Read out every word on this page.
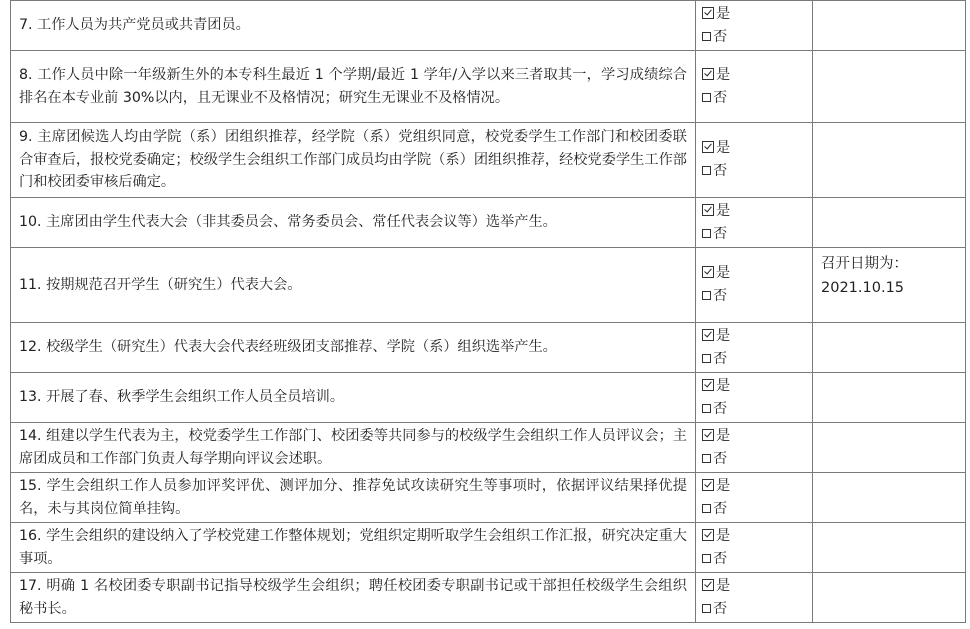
7. 工作人员为共产党员或共青团员。	是
否	

8. 工作人员中除一年级新生外的本专科生最近 1 个学期/最近 1 学年/入学以来三者取其一，学习成绩综合排名在本专业前 30%以内，且无课业不及格情况；研究生无课业不及格情况。	是
否	

9. 主席团候选人均由学院（系）团组织推荐，经学院（系）党组织同意，校党委学生工作部门和校团委联合审查后，报校党委确定；校级学生会组织工作部门成员均由学院（系）团组织推荐，经校党委学生工作部门和校团委审核后确定。	是
否	

10. 主席团由学生代表大会（非其委员会、常务委员会、常任代表会议等）选举产生。	是
否	

11. 按期规范召开学生（研究生）代表大会。	是
否	召开日期为：2021.10.15

12. 校级学生（研究生）代表大会代表经班级团支部推荐、学院（系）组织选举产生。	是
否	

13. 开展了春、秋季学生会组织工作人员全员培训。	是
否	

14. 组建以学生代表为主，校党委学生工作部门、校团委等共同参与的校级学生会组织工作人员评议会；主席团成员和工作部门负责人每学期向评议会述职。	是
否	

15. 学生会组织工作人员参加评奖评优、测评加分、推荐免试攻读研究生等事项时，依据评议结果择优提名，未与其岗位简单挂钩。	是
否	

16. 学生会组织的建设纳入了学校党建工作整体规划；党组织定期听取学生会组织工作汇报，研究决定重大事项。	是
否	

17. 明确 1 名校团委专职副书记指导校级学生会组织；聘任校团委专职副书记或干部担任校级学生会组织秘书长。	是
否	
